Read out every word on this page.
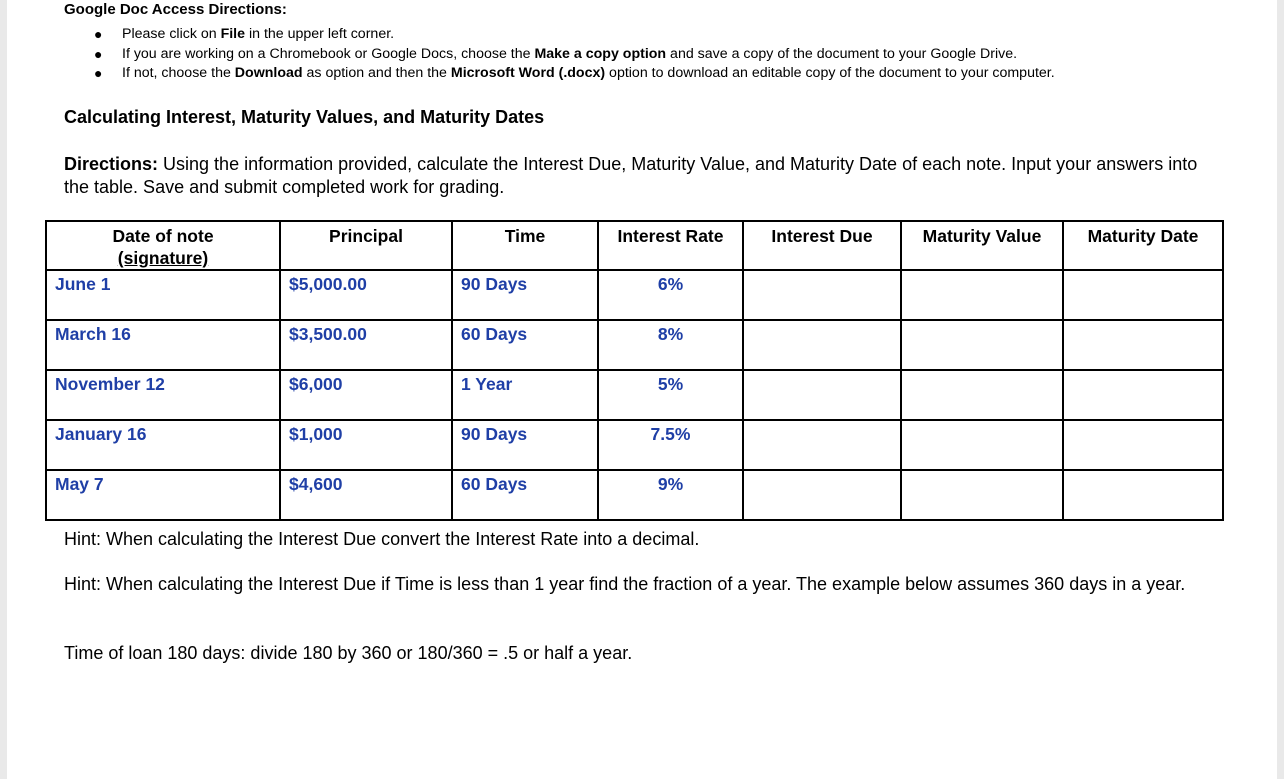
Google Doc Access Directions:
● Please click on File in the upper left corner.
● If you are working on a Chromebook or Google Docs, choose the Make a copy option and save a copy of the document to your Google Drive.
● If not, choose the Download as option and then the Microsoft Word (.docx) option to download an editable copy of the document to your computer.
Calculating Interest, Maturity Values, and Maturity Dates
Directions: Using the information provided, calculate the Interest Due, Maturity Value, and Maturity Date of each note. Input your answers into the table. Save and submit completed work for grading.
Date of note
(signature)	Principal	Time	Interest Rate	Interest Due	Maturity Value	Maturity Date
June 1	$5,000.00	90 Days	6%			
March 16	$3,500.00	60 Days	8%			
November 12	$6,000	1 Year	5%			
January 16	$1,000	90 Days	7.5%			
May 7	$4,600	60 Days	9%			
Hint: When calculating the Interest Due convert the Interest Rate into a decimal.
Hint: When calculating the Interest Due if Time is less than 1 year find the fraction of a year. The example below assumes 360 days in a year.
Time of loan 180 days: divide 180 by 360 or 180/360 = .5 or half a year.
